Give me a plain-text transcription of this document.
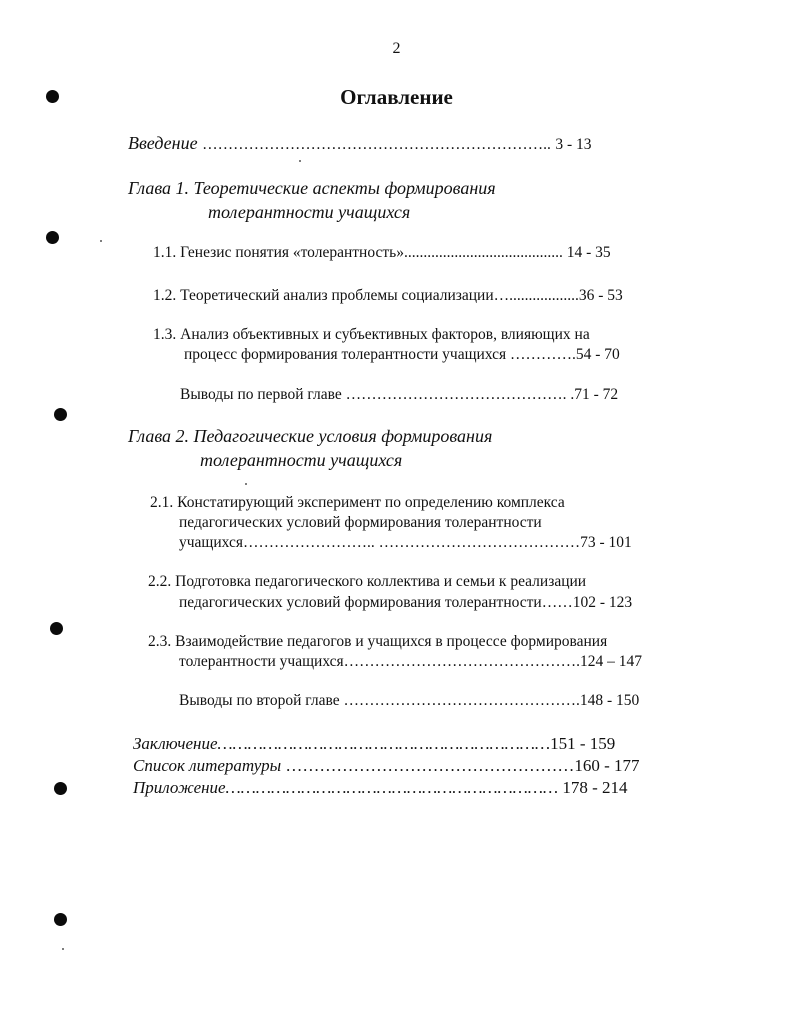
2
Оглавление
Введение ………………………………………………………….. 3 - 13
Глава 1. Теоретические аспекты формирования
толерантности учащихся
1.1. Генезис понятия «толерантность»......................................... 14 - 35
1.2. Теоретический анализ проблемы социализации…..................36 - 53
1.3. Анализ объективных и субъективных факторов, влияющих на
процесс формирования толерантности учащихся ………….54 - 70
Выводы по первой главе ……………………………………. .71 - 72
Глава 2. Педагогические условия формирования
толерантности учащихся
2.1. Констатирующий эксперимент по определению комплекса
педагогических условий формирования толерантности
учащихся…………………….. …………………………………73 - 101
2.2. Подготовка педагогического коллектива и семьи к реализации
педагогических условий формирования толерантности……102 - 123
2.3. Взаимодействие педагогов и учащихся в процессе формирования
толерантности учащихся……………………………………….124 – 147
Выводы по второй главе ……………………………………….148 - 150
Заключение…………………………………………………………151 - 159
Список литературы ……………………………………………160 - 177
Приложение………………………………………………………… 178 - 214
